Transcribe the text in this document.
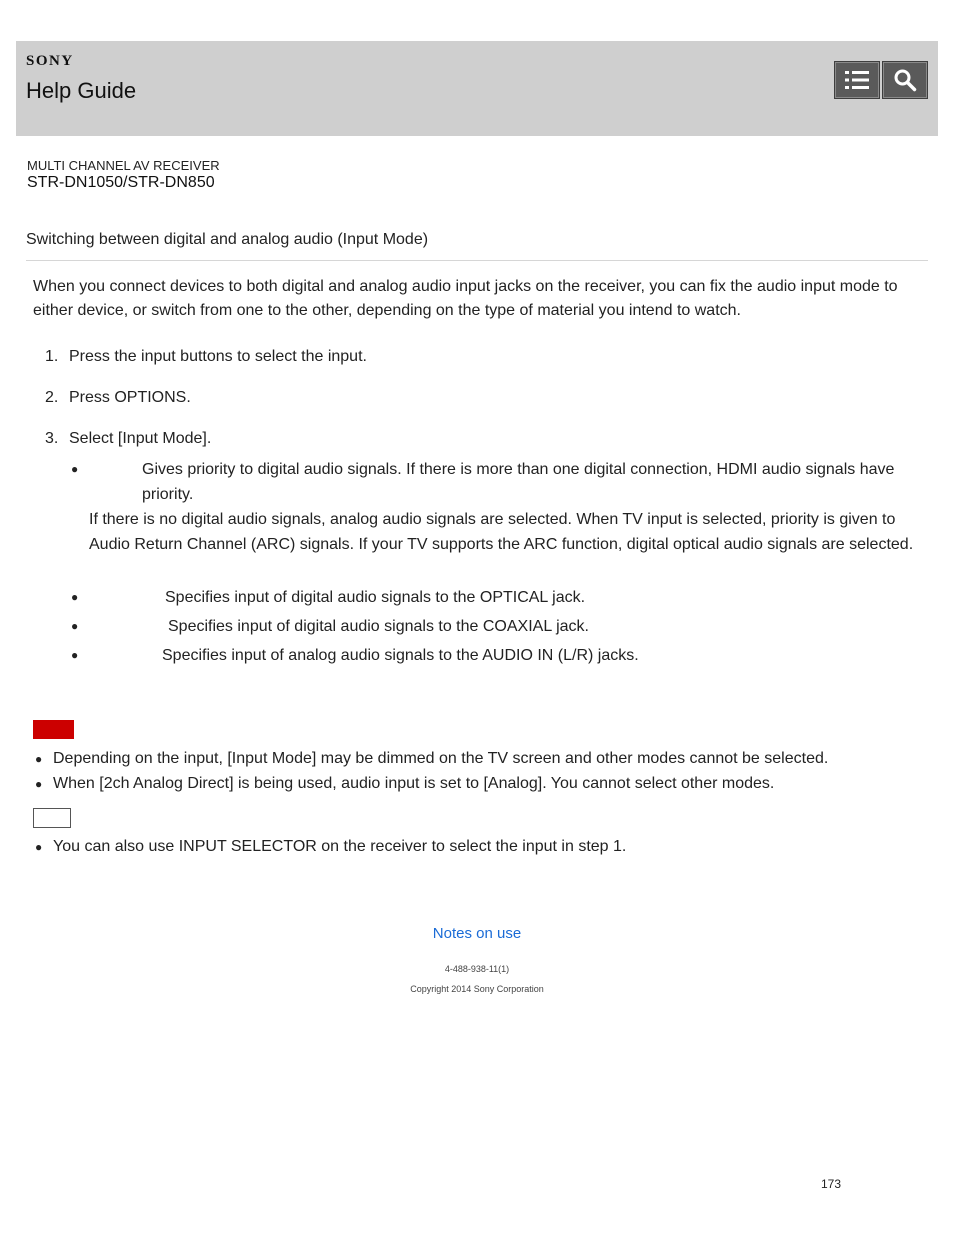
SONY
Help Guide
MULTI CHANNEL AV RECEIVER
STR-DN1050/STR-DN850
Switching between digital and analog audio (Input Mode)
When you connect devices to both digital and analog audio input jacks on the receiver, you can fix the audio input mode to either device, or switch from one to the other, depending on the type of material you intend to watch.
1. Press the input buttons to select the input.
2. Press OPTIONS.
3. Select [Input Mode].
●	Gives priority to digital audio signals. If there is more than one digital connection, HDMI audio signals have priority.
If there is no digital audio signals, analog audio signals are selected. When TV input is selected, priority is given to Audio Return Channel (ARC) signals. If your TV supports the ARC function, digital optical audio signals are selected.
●	Specifies input of digital audio signals to the OPTICAL jack.
●	Specifies input of digital audio signals to the COAXIAL jack.
●	Specifies input of analog audio signals to the AUDIO IN (L/R) jacks.
● Depending on the input, [Input Mode] may be dimmed on the TV screen and other modes cannot be selected.
● When [2ch Analog Direct] is being used, audio input is set to [Analog]. You cannot select other modes.
● You can also use INPUT SELECTOR on the receiver to select the input in step 1.
Notes on use
4-488-938-11(1)
Copyright 2014 Sony Corporation
173
